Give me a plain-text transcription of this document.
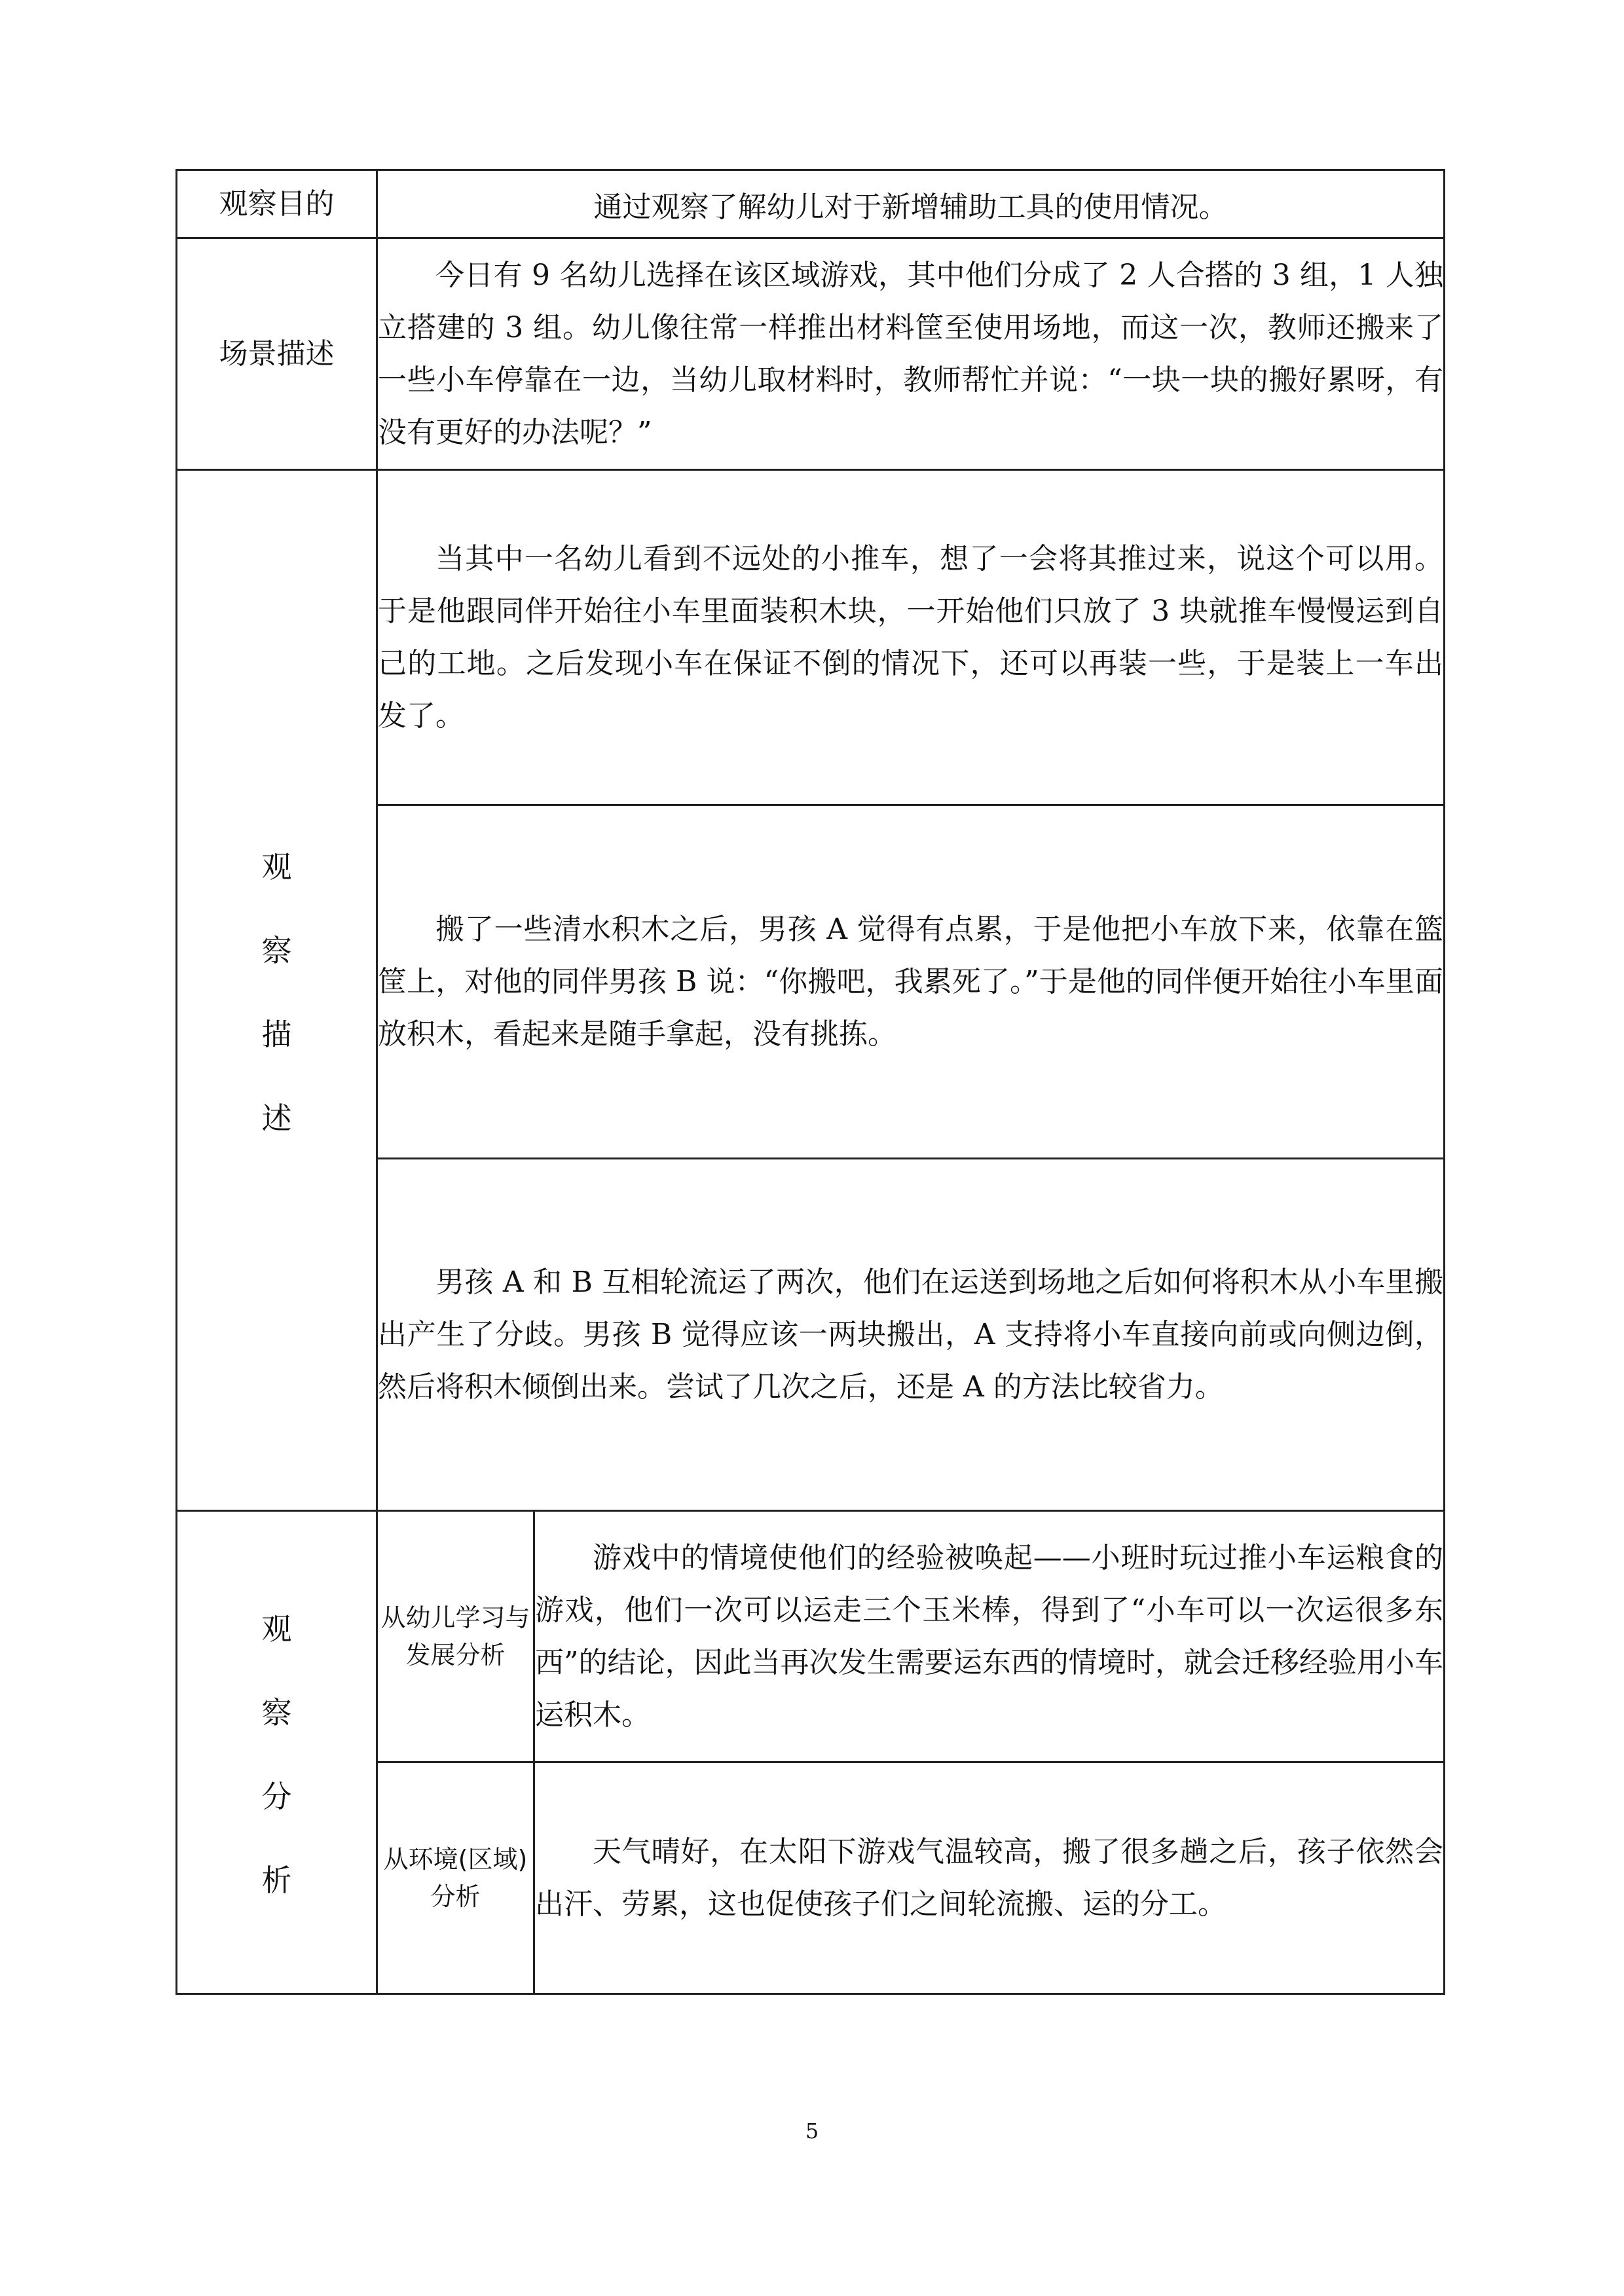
观察目的	通过观察了解幼儿对于新增辅助工具的使用情况。	
场景描述	今日有 9 名幼儿选择在该区域游戏，其中他们分成了 2 人合搭的 3 组，1 人独立搭建的 3 组。幼儿像往常一样推出材料筐至使用场地，而这一次，教师还搬来了一些小车停靠在一边，当幼儿取材料时，教师帮忙并说：“一块一块的搬好累呀，有没有更好的办法呢？”	

观
察
描
述	当其中一名幼儿看到不远处的小推车，想了一会将其推过来，说这个可以用。于是他跟同伴开始往小车里面装积木块，一开始他们只放了 3 块就推车慢慢运到自己的工地。之后发现小车在保证不倒的情况下，还可以再装一些，于是装上一车出发了。	
	搬了一些清水积木之后，男孩 A 觉得有点累，于是他把小车放下来，依靠在篮筐上，对他的同伴男孩 B 说：“你搬吧，我累死了。”于是他的同伴便开始往小车里面放积木，看起来是随手拿起，没有挑拣。	
	男孩 A 和 B 互相轮流运了两次，他们在运送到场地之后如何将积木从小车里搬出产生了分歧。男孩 B 觉得应该一两块搬出，A 支持将小车直接向前或向侧边倒，然后将积木倾倒出来。尝试了几次之后，还是 A 的方法比较省力。	

观
察
分
析	从幼儿学习与发展分析	游戏中的情境使他们的经验被唤起——小班时玩过推小车运粮食的游戏，他们一次可以运走三个玉米棒，得到了“小车可以一次运很多东西”的结论，因此当再次发生需要运东西的情境时，就会迁移经验用小车运积木。
	从环境(区域)分析	天气晴好，在太阳下游戏气温较高，搬了很多趟之后，孩子依然会出汗、劳累，这也促使孩子们之间轮流搬、运的分工。
5
